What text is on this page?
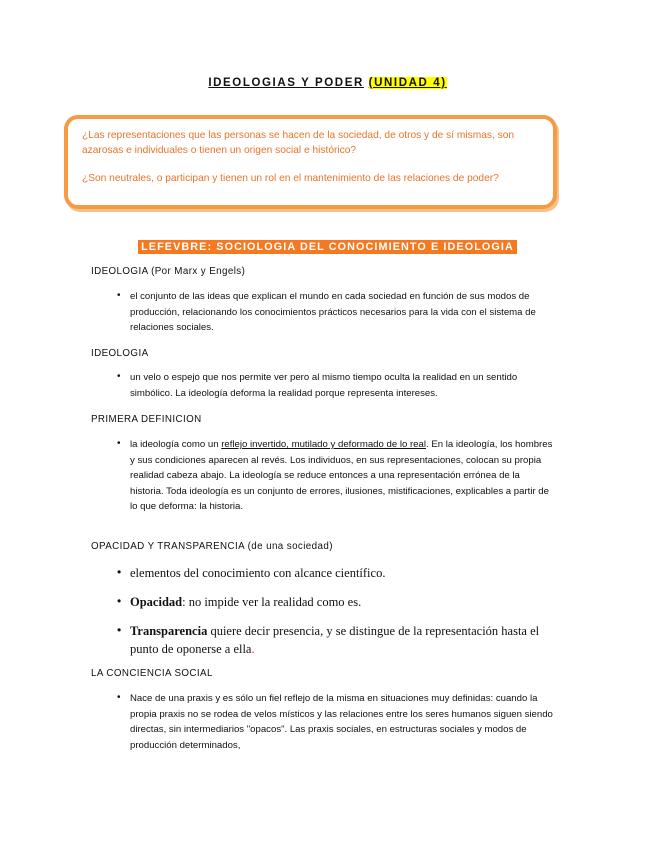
IDEOLOGIAS Y PODER (UNIDAD 4)
¿Las representaciones que las personas se hacen de la sociedad, de otros y de sí mismas, son azarosas e individuales o tienen un origen social e histórico?
¿Son neutrales, o participan y tienen un rol en el mantenimiento de las relaciones de poder?
LEFEVBRE: SOCIOLOGIA DEL CONOCIMIENTO E IDEOLOGIA
IDEOLOGIA (Por Marx y Engels)
• el conjunto de las ideas que explican el mundo en cada sociedad en función de sus modos de producción, relacionando los conocimientos prácticos necesarios para la vida con el sistema de relaciones sociales.
IDEOLOGIA
• un velo o espejo que nos permite ver pero al mismo tiempo oculta la realidad en un sentido simbólico. La ideología deforma la realidad porque representa intereses.
PRIMERA DEFINICION
• la ideología como un reflejo invertido, mutilado y deformado de lo real. En la ideología, los hombres y sus condiciones aparecen al revés. Los individuos, en sus representaciones, colocan su propia realidad cabeza abajo. La ideología se reduce entonces a una representación errónea de la historia. Toda ideología es un conjunto de errores, ilusiones, mistificaciones, explicables a partir de lo que deforma: la historia.
OPACIDAD Y TRANSPARENCIA (de una sociedad)
• elementos del conocimiento con alcance científico.
• Opacidad: no impide ver la realidad como es.
• Transparencia quiere decir presencia, y se distingue de la representación hasta el punto de oponerse a ella.
LA CONCIENCIA SOCIAL
• Nace de una praxis y es sólo un fiel reflejo de la misma en situaciones muy definidas: cuando la propia praxis no se rodea de velos místicos y las relaciones entre los seres humanos siguen siendo directas, sin intermediarios "opacos". Las praxis sociales, en estructuras sociales y modos de producción determinados,
